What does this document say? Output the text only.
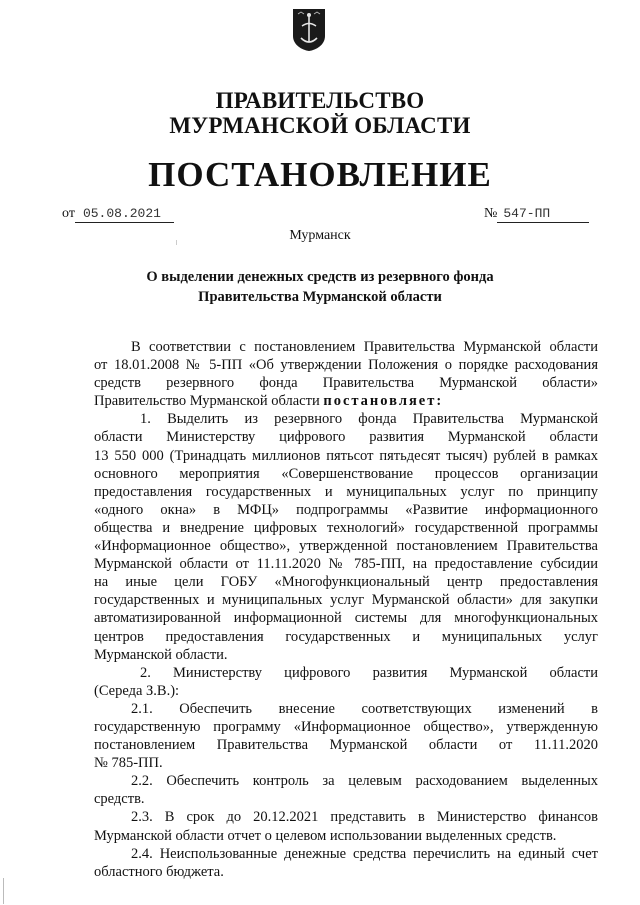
ПРАВИТЕЛЬСТВО
МУРМАНСКОЙ ОБЛАСТИ
ПОСТАНОВЛЕНИЕ
от 05.08.2021	№ 547-ПП
Мурманск
О выделении денежных средств из резервного фонда
Правительства Мурманской области
В соответствии с постановлением Правительства Мурманской области
от 18.01.2008 № 5-ПП «Об утверждении Положения о порядке расходования
средств резервного фонда Правительства Мурманской области»
Правительство Мурманской области постановляет:
1. Выделить из резервного фонда Правительства Мурманской
области Министерству цифрового развития Мурманской области
13 550 000 (Тринадцать миллионов пятьсот пятьдесят тысяч) рублей в рамках
основного мероприятия «Совершенствование процессов организации
предоставления государственных и муниципальных услуг по принципу
«одного окна» в МФЦ» подпрограммы «Развитие информационного
общества и внедрение цифровых технологий» государственной программы
«Информационное общество», утвержденной постановлением Правительства
Мурманской области от 11.11.2020 № 785-ПП, на предоставление субсидии
на иные цели ГОБУ «Многофункциональный центр предоставления
государственных и муниципальных услуг Мурманской области» для закупки
автоматизированной информационной системы для многофункциональных
центров предоставления государственных и муниципальных услуг
Мурманской области.
2. Министерству цифрового развития Мурманской области
(Середа З.В.):
2.1. Обеспечить внесение соответствующих изменений в
государственную программу «Информационное общество», утвержденную
постановлением Правительства Мурманской области от 11.11.2020
№ 785-ПП.
2.2. Обеспечить контроль за целевым расходованием выделенных
средств.
2.3. В срок до 20.12.2021 представить в Министерство финансов
Мурманской области отчет о целевом использовании выделенных средств.
2.4. Неиспользованные денежные средства перечислить на единый счет
областного бюджета.
